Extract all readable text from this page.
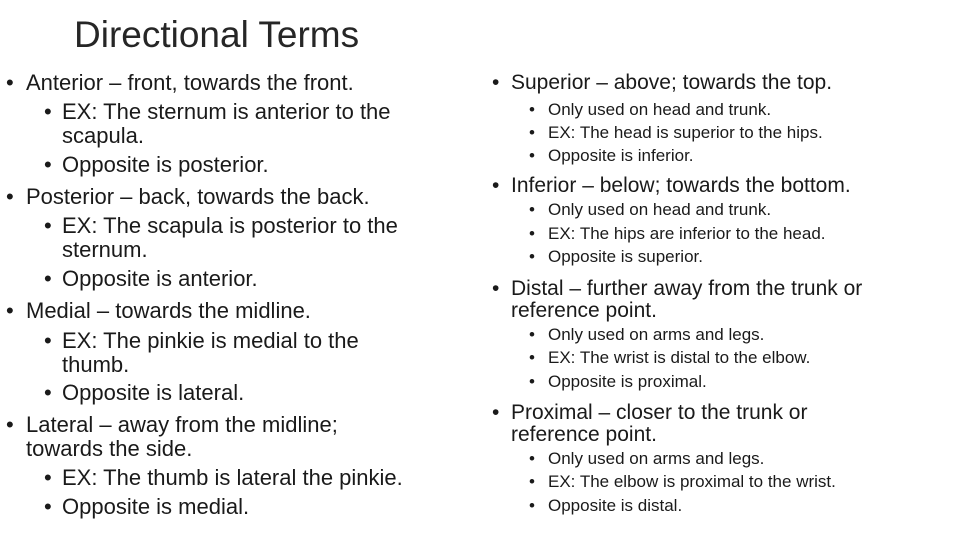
Directional Terms
• Anterior – front, towards the front.
• EX: The sternum is anterior to the
scapula.
• Opposite is posterior.
• Posterior – back, towards the back.
• EX: The scapula is posterior to the
sternum.
• Opposite is anterior.
• Medial – towards the midline.
• EX: The pinkie is medial to the
thumb.
• Opposite is lateral.
• Lateral – away from the midline;
towards the side.
• EX: The thumb is lateral the pinkie.
• Opposite is medial.
• Superior – above; towards the top.
• Only used on head and trunk.
• EX: The head is superior to the hips.
• Opposite is inferior.
• Inferior – below; towards the bottom.
• Only used on head and trunk.
• EX: The hips are inferior to the head.
• Opposite is superior.
• Distal – further away from the trunk or
reference point.
• Only used on arms and legs.
• EX: The wrist is distal to the elbow.
• Opposite is proximal.
• Proximal – closer to the trunk or
reference point.
• Only used on arms and legs.
• EX: The elbow is proximal to the wrist.
• Opposite is distal.
